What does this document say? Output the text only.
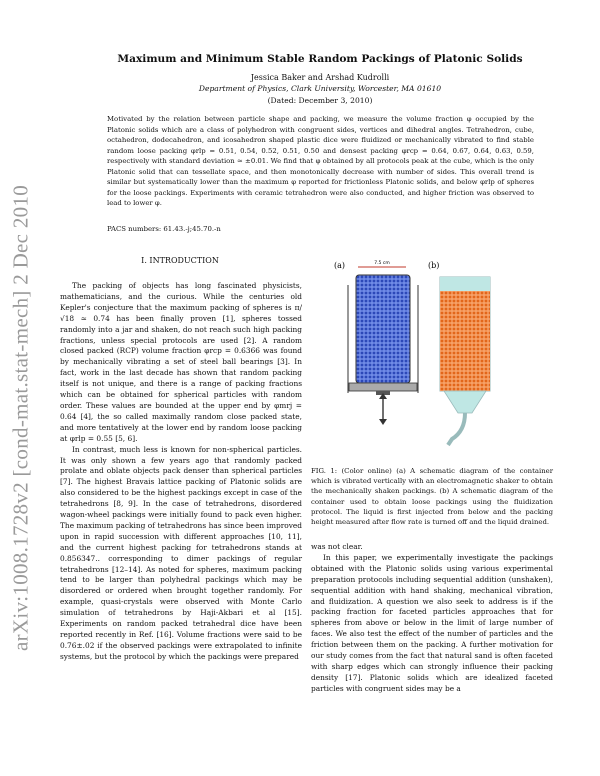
arXiv:1008.1728v2 [cond-mat.stat-mech] 2 Dec 2010
Maximum and Minimum Stable Random Packings of Platonic Solids
Jessica Baker and Arshad Kudrolli
Department of Physics, Clark University, Worcester, MA 01610
(Dated: December 3, 2010)

Motivated by the relation between particle shape and packing, we measure the volume fraction φ occupied by the Platonic solids which are a class of polyhedron with congruent sides, vertices and dihedral angles. Tetrahedron, cube, octahedron, dodecahedron, and icosahedron shaped plastic dice were fluidized or mechanically vibrated to find stable random loose packing φrlp = 0.51, 0.54, 0.52, 0.51, 0.50 and densest packing φrcp = 0.64, 0.67, 0.64, 0.63, 0.59, respectively with standard deviation ≃ ±0.01. We find that φ obtained by all protocols peak at the cube, which is the only Platonic solid that can tessellate space, and then monotonically decrease with number of sides. This overall trend is similar but systematically lower than the maximum φ reported for frictionless Platonic solids, and below φrlp of spheres for the loose packings. Experiments with ceramic tetrahedron were also conducted, and higher friction was observed to lead to lower φ.

PACS numbers: 61.43.-j;45.70.-n

I. INTRODUCTION

The packing of objects has long fascinated physicists, mathematicians, and the curious. While the centuries old Kepler's conjecture that the maximum packing of spheres is π/√18 ≃ 0.74 has been finally proven [1], spheres tossed randomly into a jar and shaken, do not reach such high packing fractions, unless special protocols are used [2]. A random closed packed (RCP) volume fraction φrcp = 0.6366 was found by mechanically vibrating a set of steel ball bearings [3]. In fact, work in the last decade has shown that random packing itself is not unique, and there is a range of packing fractions which can be obtained for spherical particles with random order. These values are bounded at the upper end by φmrj = 0.64 [4], the so called maximally random close packed state, and more tentatively at the lower end by random loose packing at φrlp = 0.55 [5, 6].

In contrast, much less is known for non-spherical particles. It was only shown a few years ago that randomly packed prolate and oblate objects pack denser than spherical particles [7]. The highest Bravais lattice packing of Platonic solids are also considered to be the highest packings except in case of the tetrahedrons [8, 9]. In the case of tetrahedrons, disordered wagon-wheel packings were initially found to pack even higher. The maximum packing of tetrahedrons has since been improved upon in rapid succession with different approaches [10, 11], and the current highest packing for tetrahedrons stands at 0.856347.. corresponding to dimer packings of regular tetrahedrons [12–14]. As noted for spheres, maximum packing tend to be larger than polyhedral packings which may be disordered or ordered when brought together randomly. For example, quasi-crystals were observed with Monte Carlo simulation of tetrahedrons by Haji-Akbari et al [15]. Experiments on random packed tetrahedral dice have been reported recently in Ref. [16]. Volume fractions were said to be 0.76±.02 if the observed packings were extrapolated to infinite systems, but the protocol by which the packings were prepared

(a)	7.5 cm	(b)

FIG. 1: (Color online) (a) A schematic diagram of the container which is vibrated vertically with an electromagnetic shaker to obtain the mechanically shaken packings. (b) A schematic diagram of the container used to obtain loose packings using the fluidization protocol. The liquid is first injected from below and the packing height measured after flow rate is turned off and the liquid drained.

was not clear.

In this paper, we experimentally investigate the packings obtained with the Platonic solids using various experimental preparation protocols including sequential addition (unshaken), sequential addition with hand shaking, mechanical vibration, and fluidization. A question we also seek to address is if the packing fraction for faceted particles approaches that for spheres from above or below in the limit of large number of faces. We also test the effect of the number of particles and the friction between them on the packing. A further motivation for our study comes from the fact that natural sand is often faceted with sharp edges which can strongly influence their packing density [17]. Platonic solids which are idealized faceted particles with congruent sides may be a
